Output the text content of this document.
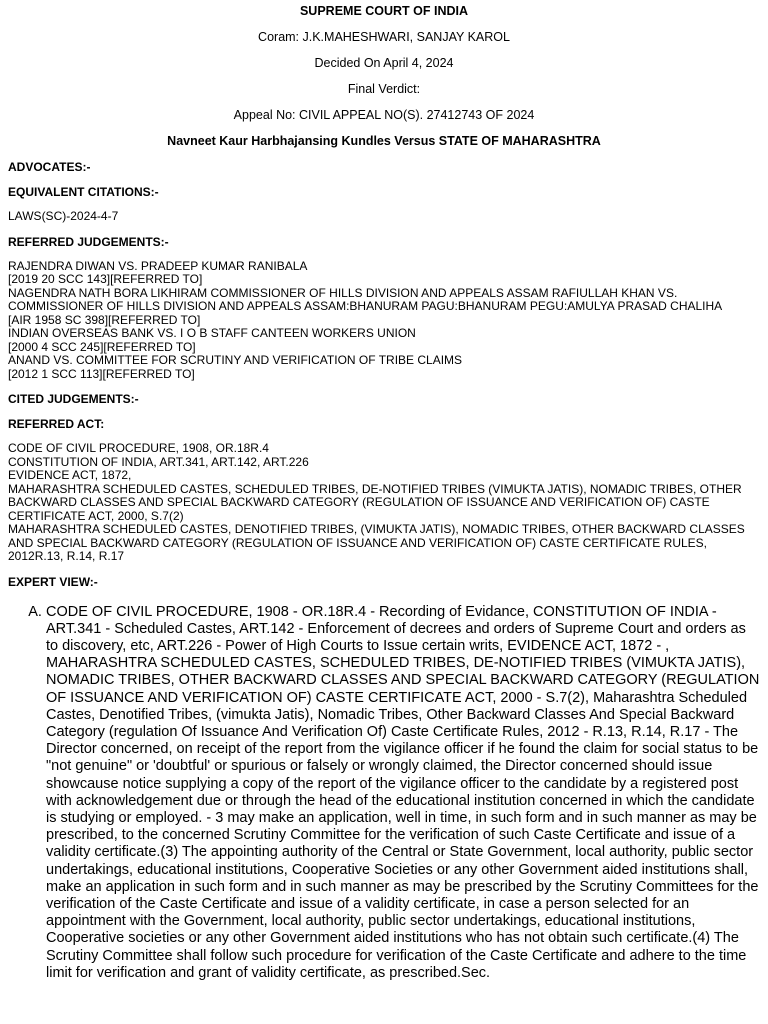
SUPREME COURT OF INDIA

Coram: J.K.MAHESHWARI, SANJAY KAROL

Decided On April 4, 2024

Final Verdict:

Appeal No: CIVIL APPEAL NO(S). 27412743 OF 2024

Navneet Kaur Harbhajansing Kundles Versus STATE OF MAHARASHTRA

ADVOCATES:-

EQUIVALENT CITATIONS:-

LAWS(SC)-2024-4-7

REFERRED JUDGEMENTS:-

RAJENDRA DIWAN VS. PRADEEP KUMAR RANIBALA

[2019 20 SCC 143][REFERRED TO]

NAGENDRA NATH BORA LIKHIRAM COMMISSIONER OF HILLS DIVISION AND APPEALS ASSAM RAFIULLAH KHAN VS. COMMISSIONER OF HILLS DIVISION AND APPEALS ASSAM:BHANURAM PAGU:BHANURAM PEGU:AMULYA PRASAD CHALIHA

[AIR 1958 SC 398][REFERRED TO]

INDIAN OVERSEAS BANK VS. I O B STAFF CANTEEN WORKERS UNION

[2000 4 SCC 245][REFERRED TO]

ANAND VS. COMMITTEE FOR SCRUTINY AND VERIFICATION OF TRIBE CLAIMS

[2012 1 SCC 113][REFERRED TO]

CITED JUDGEMENTS:-

REFERRED ACT:

CODE OF CIVIL PROCEDURE, 1908, OR.18R.4

CONSTITUTION OF INDIA, ART.341, ART.142, ART.226

EVIDENCE ACT, 1872,

MAHARASHTRA SCHEDULED CASTES, SCHEDULED TRIBES, DE-NOTIFIED TRIBES (VIMUKTA JATIS), NOMADIC TRIBES, OTHER BACKWARD CLASSES AND SPECIAL BACKWARD CATEGORY (REGULATION OF ISSUANCE AND VERIFICATION OF) CASTE CERTIFICATE ACT, 2000, S.7(2)

MAHARASHTRA SCHEDULED CASTES, DENOTIFIED TRIBES, (VIMUKTA JATIS), NOMADIC TRIBES, OTHER BACKWARD CLASSES AND SPECIAL BACKWARD CATEGORY (REGULATION OF ISSUANCE AND VERIFICATION OF) CASTE CERTIFICATE RULES, 2012R.13, R.14, R.17

EXPERT VIEW:-

A. CODE OF CIVIL PROCEDURE, 1908 - OR.18R.4 - Recording of Evidance, CONSTITUTION OF INDIA - ART.341 - Scheduled Castes, ART.142 - Enforcement of decrees and orders of Supreme Court and orders as to discovery, etc, ART.226 - Power of High Courts to Issue certain writs, EVIDENCE ACT, 1872 - , MAHARASHTRA SCHEDULED CASTES, SCHEDULED TRIBES, DE-NOTIFIED TRIBES (VIMUKTA JATIS), NOMADIC TRIBES, OTHER BACKWARD CLASSES AND SPECIAL BACKWARD CATEGORY (REGULATION OF ISSUANCE AND VERIFICATION OF) CASTE CERTIFICATE ACT, 2000 - S.7(2), Maharashtra Scheduled Castes, Denotified Tribes, (vimukta Jatis), Nomadic Tribes, Other Backward Classes And Special Backward Category (regulation Of Issuance And Verification Of) Caste Certificate Rules, 2012 - R.13, R.14, R.17 - The Director concerned, on receipt of the report from the vigilance officer if he found the claim for social status to be "not genuine" or 'doubtful' or spurious or falsely or wrongly claimed, the Director concerned should issue showcause notice supplying a copy of the report of the vigilance officer to the candidate by a registered post with acknowledgement due or through the head of the educational institution concerned in which the candidate is studying or employed. - 3 may make an application, well in time, in such form and in such manner as may be prescribed, to the concerned Scrutiny Committee for the verification of such Caste Certificate and issue of a validity certificate.(3) The appointing authority of the Central or State Government, local authority, public sector undertakings, educational institutions, Cooperative Societies or any other Government aided institutions shall, make an application in such form and in such manner as may be prescribed by the Scrutiny Committees for the verification of the Caste Certificate and issue of a validity certificate, in case a person selected for an appointment with the Government, local authority, public sector undertakings, educational institutions, Cooperative societies or any other Government aided institutions who has not obtain such certificate.(4) The Scrutiny Committee shall follow such procedure for verification of the Caste Certificate and adhere to the time limit for verification and grant of validity certificate, as prescribed.Sec.
